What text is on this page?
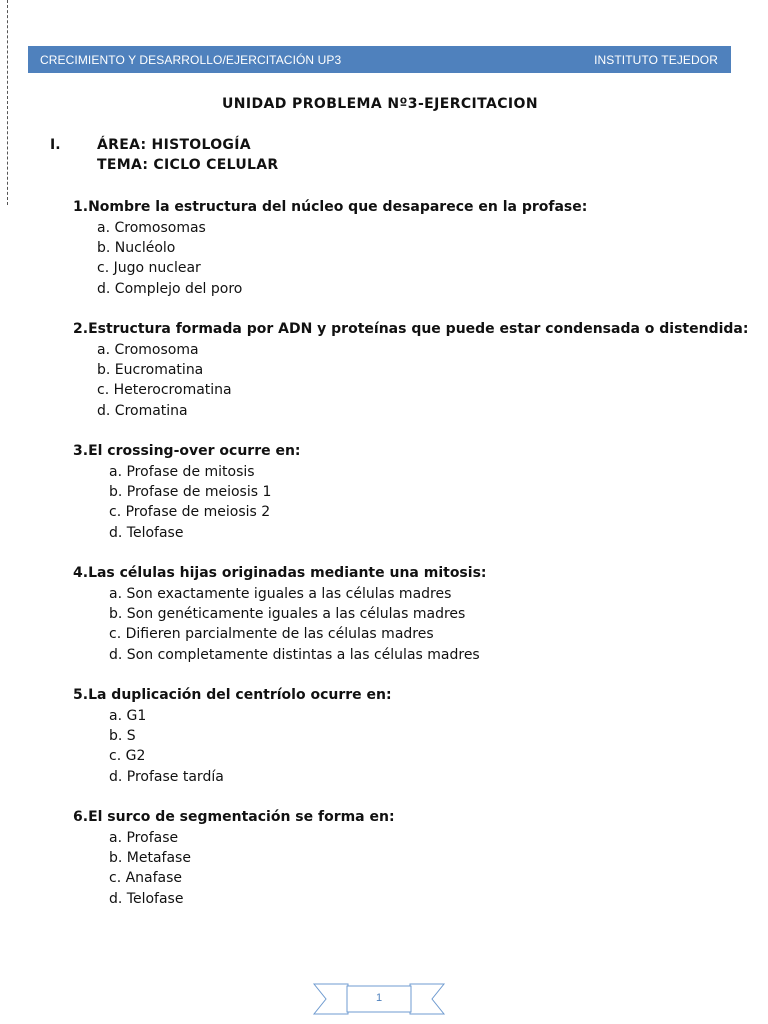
CRECIMIENTO Y DESARROLLO/EJERCITACIÓN UP3	INSTITUTO TEJEDOR
UNIDAD PROBLEMA Nº3-EJERCITACION
I.	ÁREA: HISTOLOGÍA
TEMA: CICLO CELULAR
1.Nombre la estructura del núcleo que desaparece en la profase:
a. Cromosomas
b. Nucléolo
c. Jugo nuclear
d. Complejo del poro
2.Estructura formada por ADN y proteínas que puede estar condensada o distendida:
a. Cromosoma
b. Eucromatina
c. Heterocromatina
d. Cromatina
3.El crossing-over ocurre en:
a. Profase de mitosis
b. Profase de meiosis 1
c. Profase de meiosis 2
d. Telofase
4.Las células hijas originadas mediante una mitosis:
a. Son exactamente iguales a las células madres
b. Son genéticamente iguales a las células madres
c. Difieren parcialmente de las células madres
d. Son completamente distintas a las células madres
5.La duplicación del centríolo ocurre en:
a. G1
b. S
c. G2
d. Profase tardía
6.El surco de segmentación se forma en:
a. Profase
b. Metafase
c. Anafase
d. Telofase
1
